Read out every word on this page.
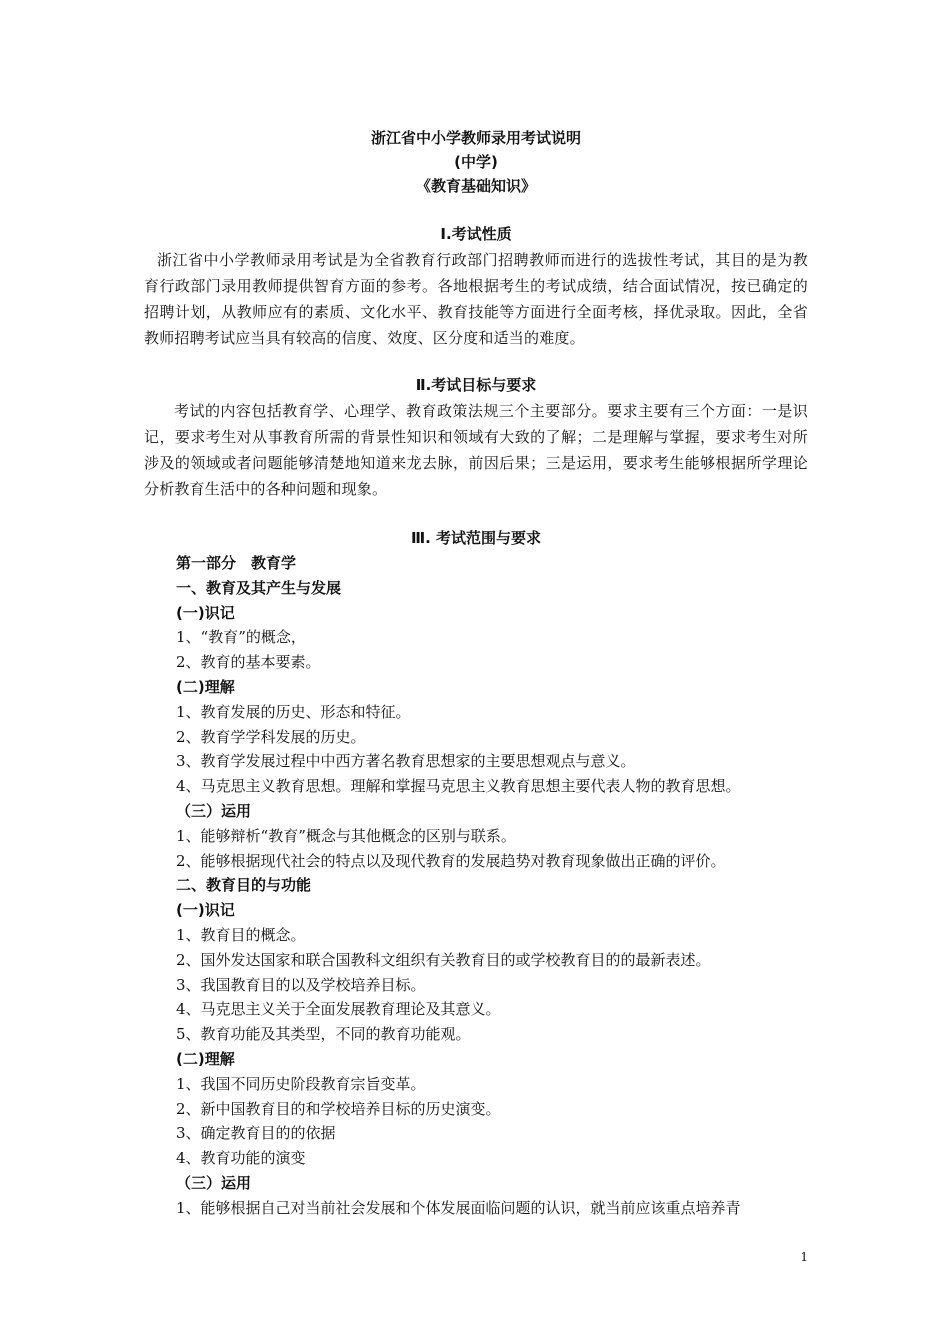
浙江省中小学教师录用考试说明

(中学)

《教育基础知识》

Ⅰ.考试性质

浙江省中小学教师录用考试是为全省教育行政部门招聘教师而进行的选拔性考试，其目的是为教育行政部门录用教师提供智育方面的参考。各地根据考生的考试成绩，结合面试情况，按已确定的招聘计划，从教师应有的素质、文化水平、教育技能等方面进行全面考核，择优录取。因此，全省教师招聘考试应当具有较高的信度、效度、区分度和适当的难度。

Ⅱ.考试目标与要求

考试的内容包括教育学、心理学、教育政策法规三个主要部分。要求主要有三个方面：一是识记，要求考生对从事教育所需的背景性知识和领域有大致的了解；二是理解与掌握，要求考生对所涉及的领域或者问题能够清楚地知道来龙去脉，前因后果；三是运用，要求考生能够根据所学理论分析教育生活中的各种问题和现象。

Ⅲ. 考试范围与要求

第一部分　教育学
一、教育及其产生与发展
(一)识记
1、“教育”的概念，
2、教育的基本要素。
(二)理解
1、教育发展的历史、形态和特征。
2、教育学学科发展的历史。
3、教育学发展过程中中西方著名教育思想家的主要思想观点与意义。
4、马克思主义教育思想。理解和掌握马克思主义教育思想主要代表人物的教育思想。
（三）运用
1、能够辩析“教育”概念与其他概念的区别与联系。
2、能够根据现代社会的特点以及现代教育的发展趋势对教育现象做出正确的评价。
二、教育目的与功能
(一)识记
1、教育目的概念。
2、国外发达国家和联合国教科文组织有关教育目的或学校教育目的的最新表述。
3、我国教育目的以及学校培养目标。
4、马克思主义关于全面发展教育理论及其意义。
5、教育功能及其类型，不同的教育功能观。
(二)理解
1、我国不同历史阶段教育宗旨变革。
2、新中国教育目的和学校培养目标的历史演变。
3、确定教育目的的依据
4、教育功能的演变
（三）运用
1、能够根据自己对当前社会发展和个体发展面临问题的认识，就当前应该重点培养青
1
